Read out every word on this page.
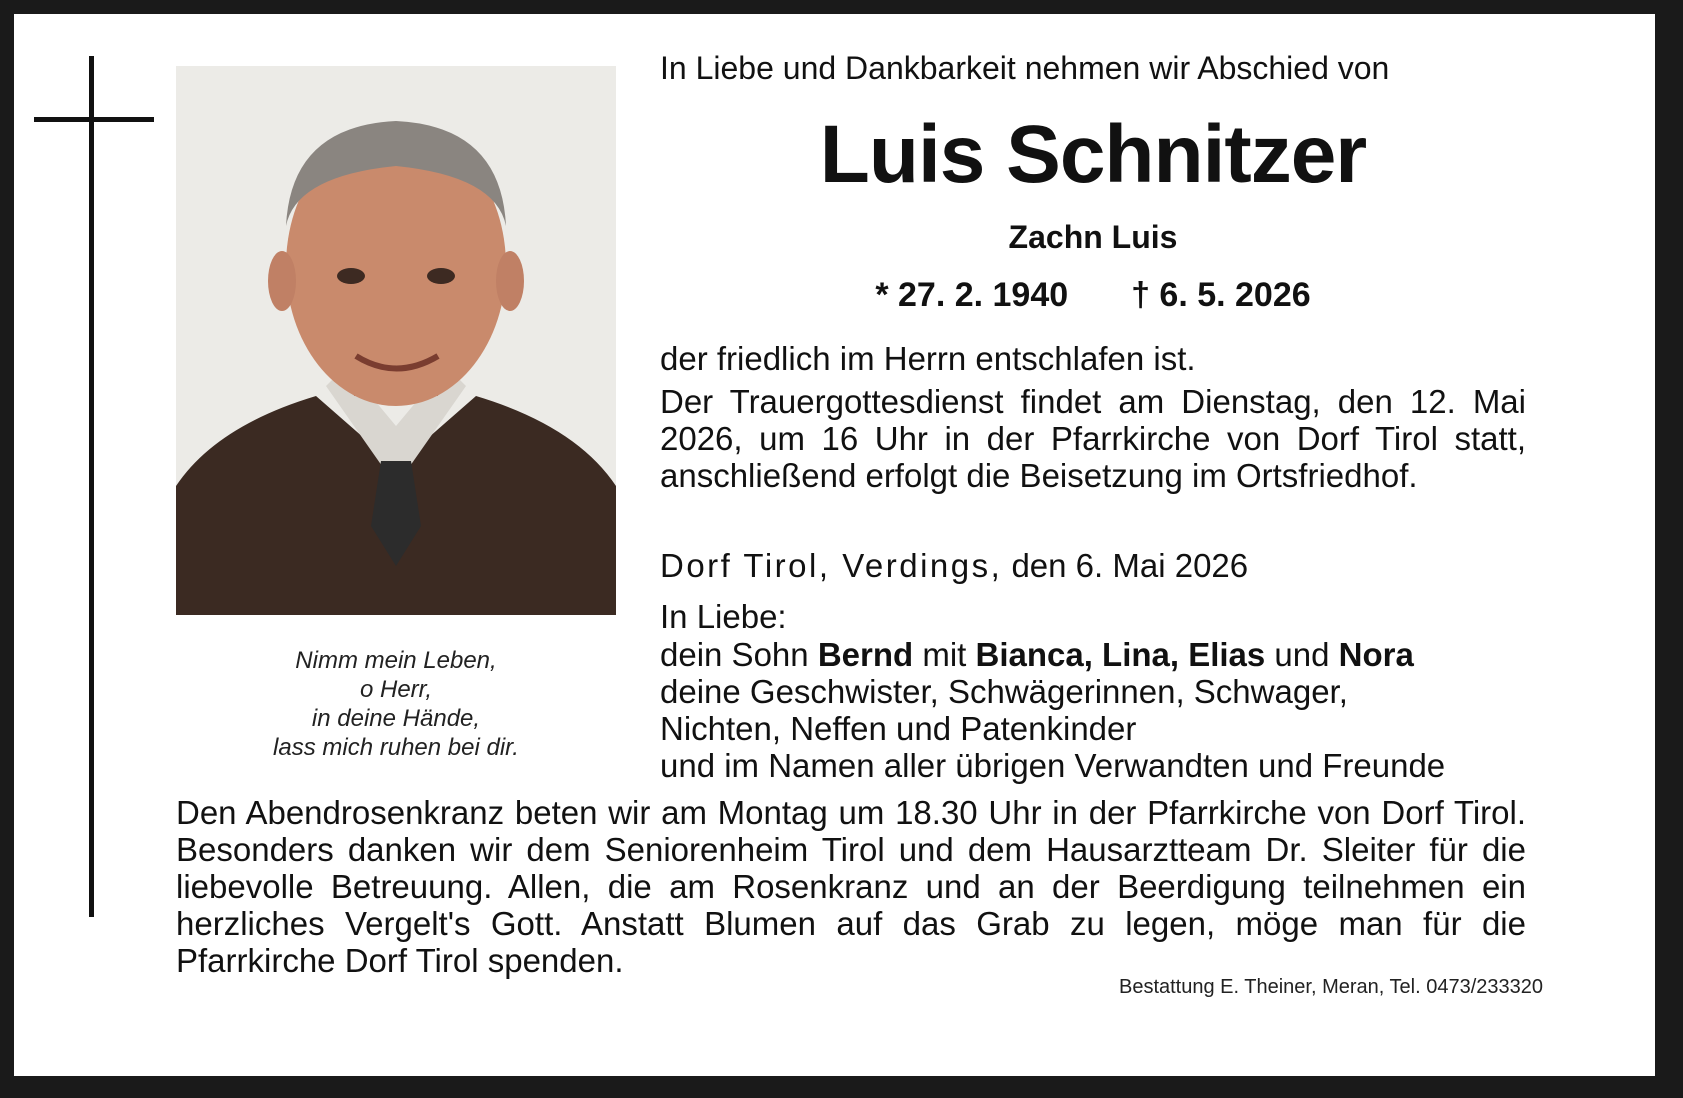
Nimm mein Leben,
o Herr,
in deine Hände,
lass mich ruhen bei dir.
In Liebe und Dankbarkeit nehmen wir Abschied von
Luis Schnitzer
Zachn Luis
* 27. 2. 1940 † 6. 5. 2026
der friedlich im Herrn entschlafen ist.
Der Trauergottesdienst findet am Dienstag, den 12. Mai 2026, um 16 Uhr in der Pfarrkirche von Dorf Tirol statt, anschließend erfolgt die Beisetzung im Ortsfriedhof.
Dorf Tirol, Verdings, den 6. Mai 2026
In Liebe:
dein Sohn Bernd mit Bianca, Lina, Elias und Nora
deine Geschwister, Schwägerinnen, Schwager,
Nichten, Neffen und Patenkinder
und im Namen aller übrigen Verwandten und Freunde
Den Abendrosenkranz beten wir am Montag um 18.30 Uhr in der Pfarrkirche von Dorf Tirol. Besonders danken wir dem Seniorenheim Tirol und dem Hausarztteam Dr. Sleiter für die liebevolle Betreuung. Allen, die am Rosenkranz und an der Beerdigung teilnehmen ein herzliches Vergelt's Gott. Anstatt Blumen auf das Grab zu legen, möge man für die Pfarrkirche Dorf Tirol spenden.
Bestattung E. Theiner, Meran, Tel. 0473/233320
